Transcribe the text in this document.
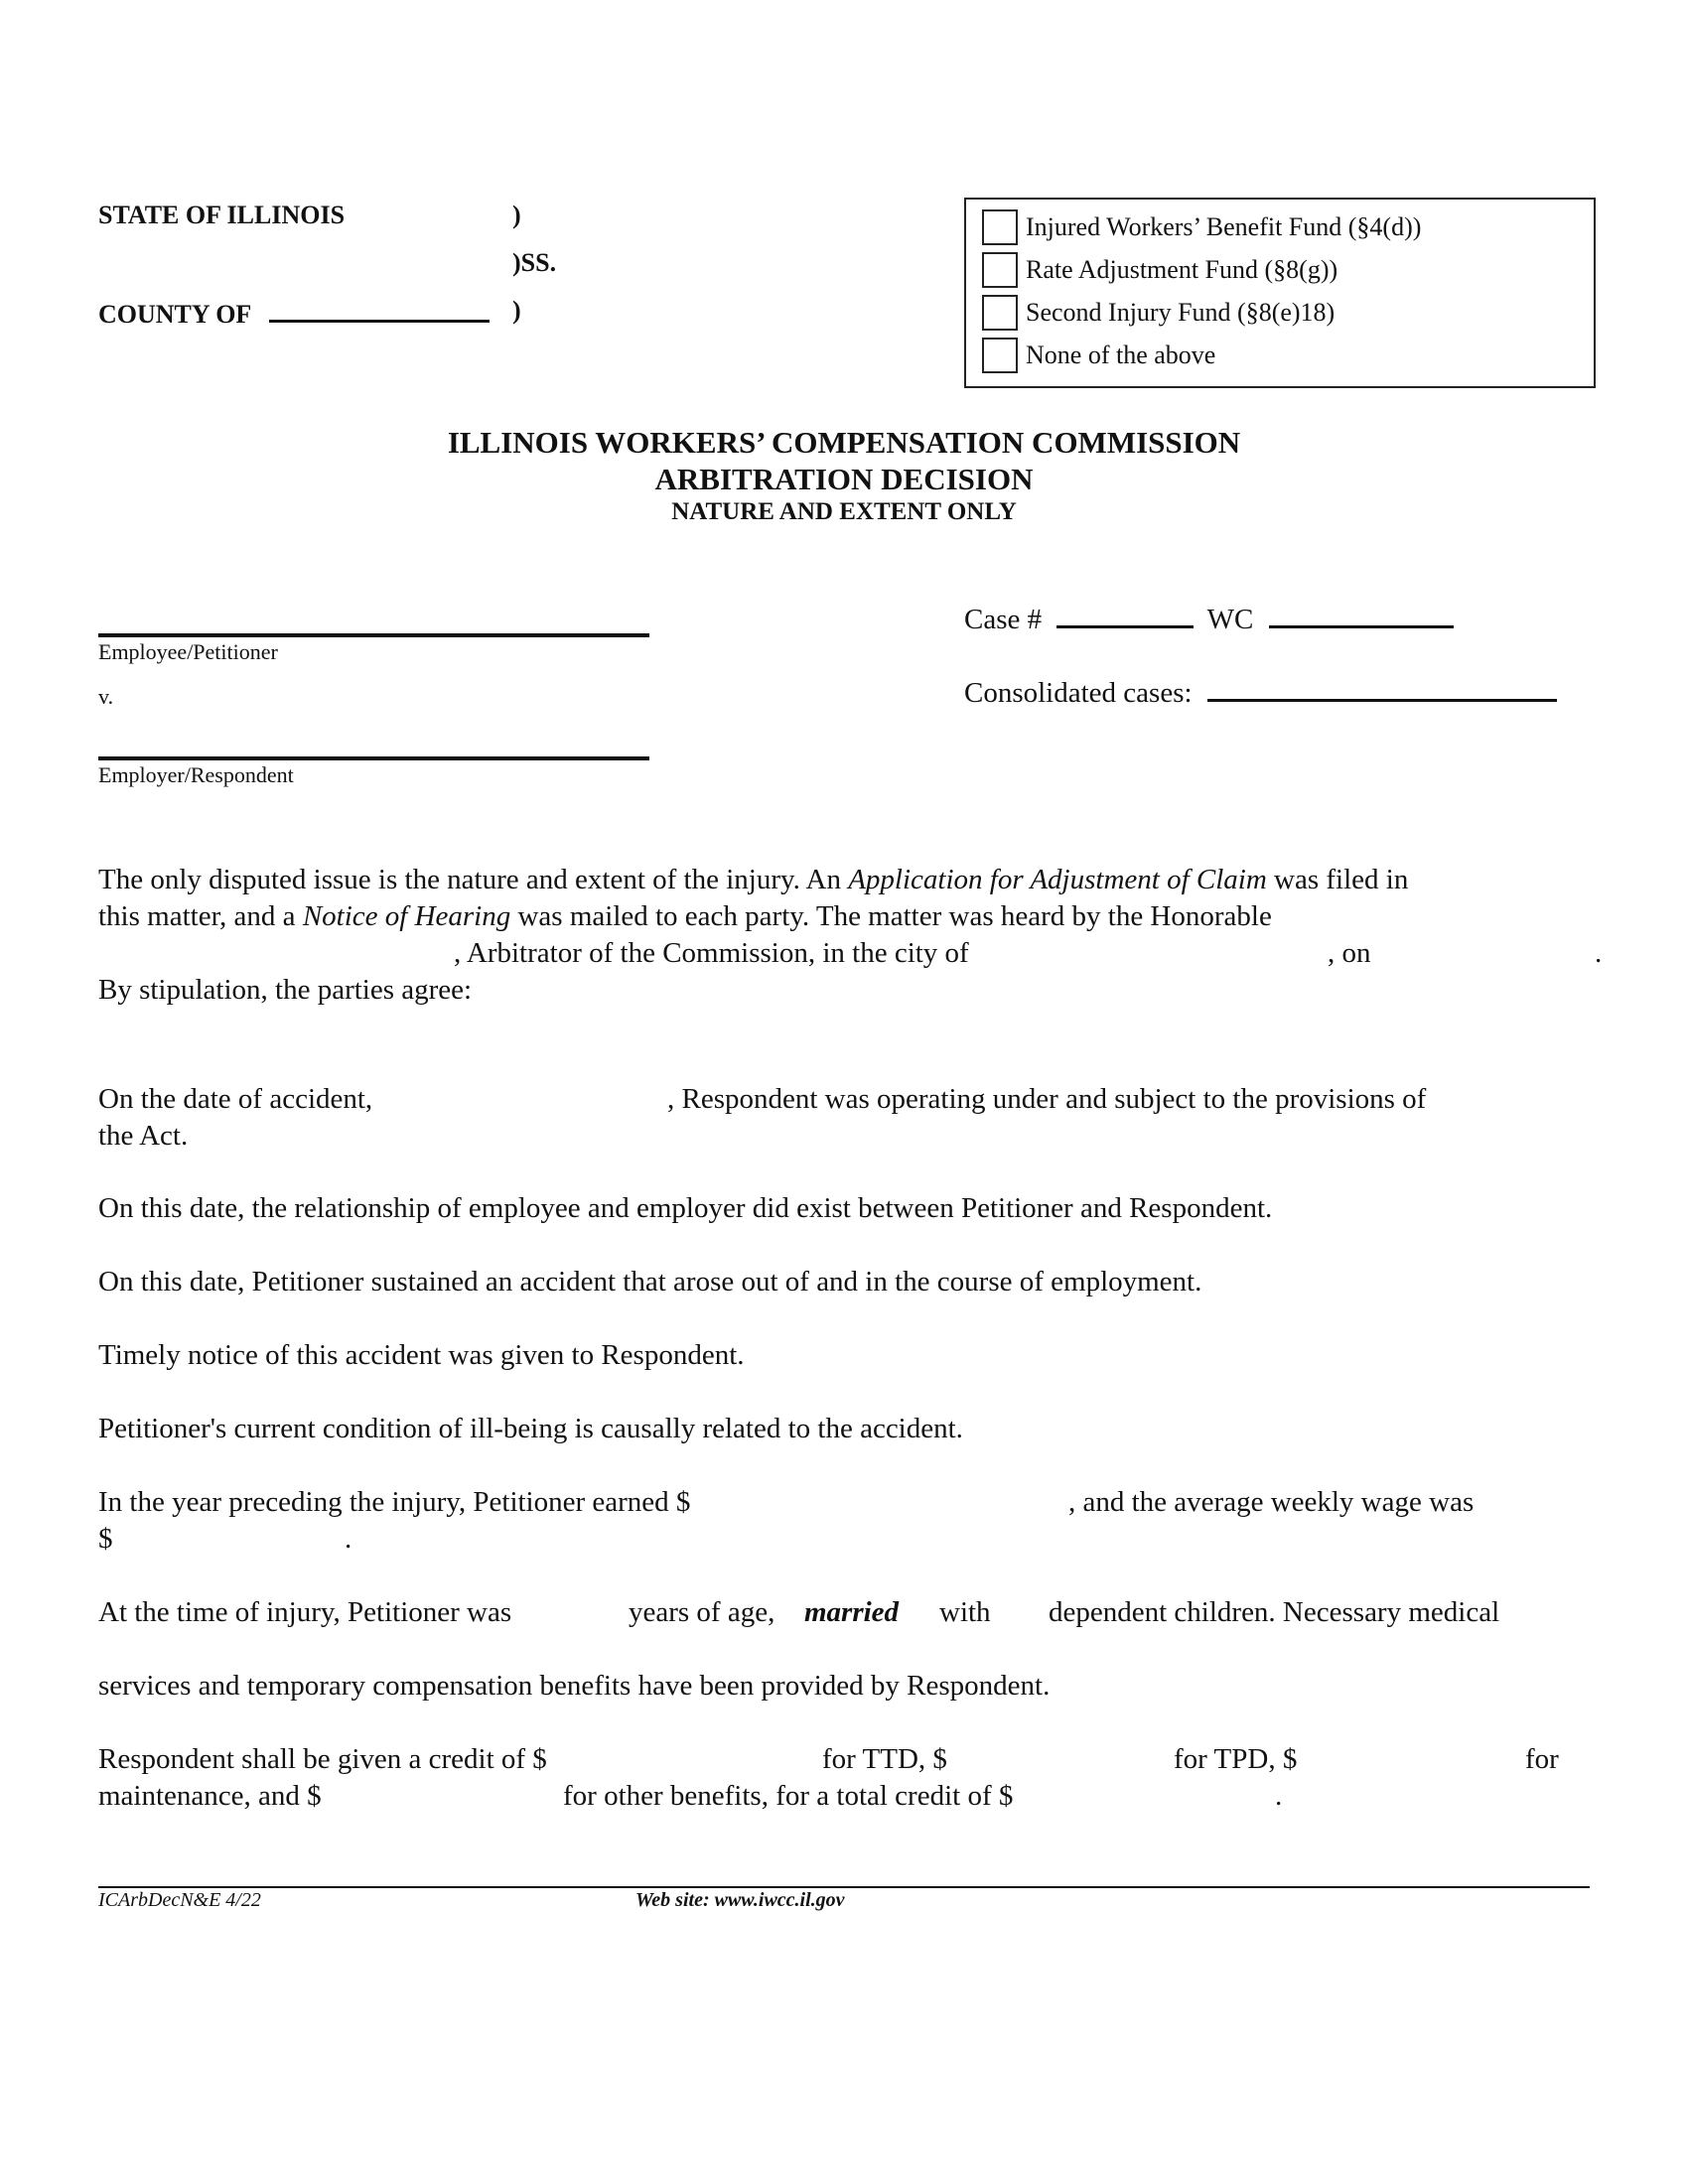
STATE OF ILLINOIS	)
)SS.
COUNTY OF	)
Injured Workers’ Benefit Fund (§4(d))
Rate Adjustment Fund (§8(g))
Second Injury Fund (§8(e)18)
None of the above
ILLINOIS WORKERS’ COMPENSATION COMMISSION
ARBITRATION DECISION
NATURE AND EXTENT ONLY
Employee/Petitioner
v.
Employer/Respondent
Case #	WC
Consolidated cases:
The only disputed issue is the nature and extent of the injury. An Application for Adjustment of Claim was filed in
this matter, and a Notice of Hearing was mailed to each party. The matter was heard by the Honorable
, Arbitrator of the Commission, in the city of	, on	.
By stipulation, the parties agree:
On the date of accident,	, Respondent was operating under and subject to the provisions of
the Act.
On this date, the relationship of employee and employer did exist between Petitioner and Respondent.
On this date, Petitioner sustained an accident that arose out of and in the course of employment.
Timely notice of this accident was given to Respondent.
Petitioner's current condition of ill-being is causally related to the accident.
In the year preceding the injury, Petitioner earned $	, and the average weekly wage was
$	.
At the time of injury, Petitioner was	years of age, married with dependent children. Necessary medical
services and temporary compensation benefits have been provided by Respondent.
Respondent shall be given a credit of $	for TTD, $	for TPD, $	for
maintenance, and $	for other benefits, for a total credit of $	.
ICArbDecN&E 4/22	Web site: www.iwcc.il.gov
